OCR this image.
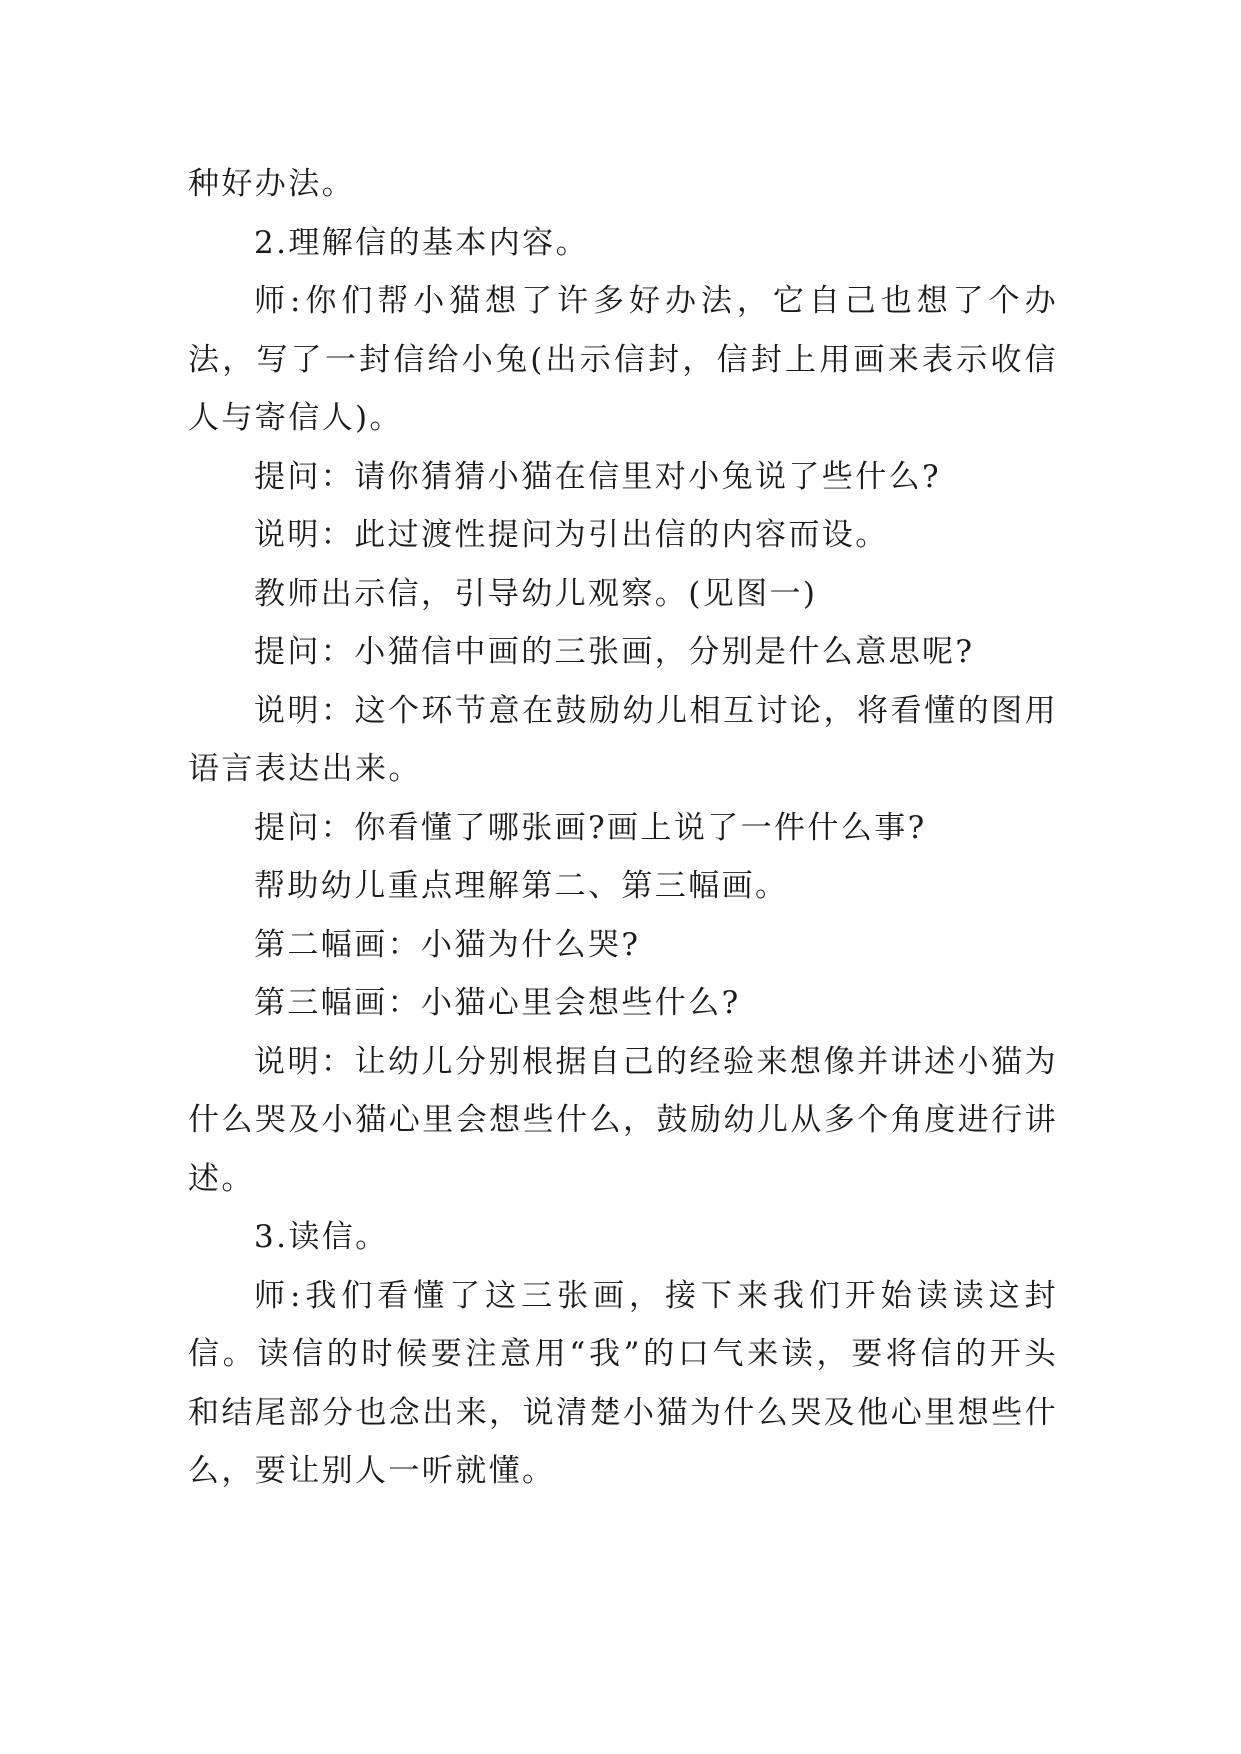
种好办法。

2.理解信的基本内容。

师:你们帮小猫想了许多好办法，它自己也想了个办法，写了一封信给小兔(出示信封，信封上用画来表示收信人与寄信人)。

提问：请你猜猜小猫在信里对小兔说了些什么?

说明：此过渡性提问为引出信的内容而设。

教师出示信，引导幼儿观察。(见图一)

提问：小猫信中画的三张画，分别是什么意思呢?

说明：这个环节意在鼓励幼儿相互讨论，将看懂的图用语言表达出来。

提问：你看懂了哪张画?画上说了一件什么事?

帮助幼儿重点理解第二、第三幅画。

第二幅画：小猫为什么哭?

第三幅画：小猫心里会想些什么?

说明：让幼儿分别根据自己的经验来想像并讲述小猫为什么哭及小猫心里会想些什么，鼓励幼儿从多个角度进行讲述。

3.读信。

师:我们看懂了这三张画，接下来我们开始读读这封信。读信的时候要注意用“我”的口气来读，要将信的开头和结尾部分也念出来，说清楚小猫为什么哭及他心里想些什么，要让别人一听就懂。
